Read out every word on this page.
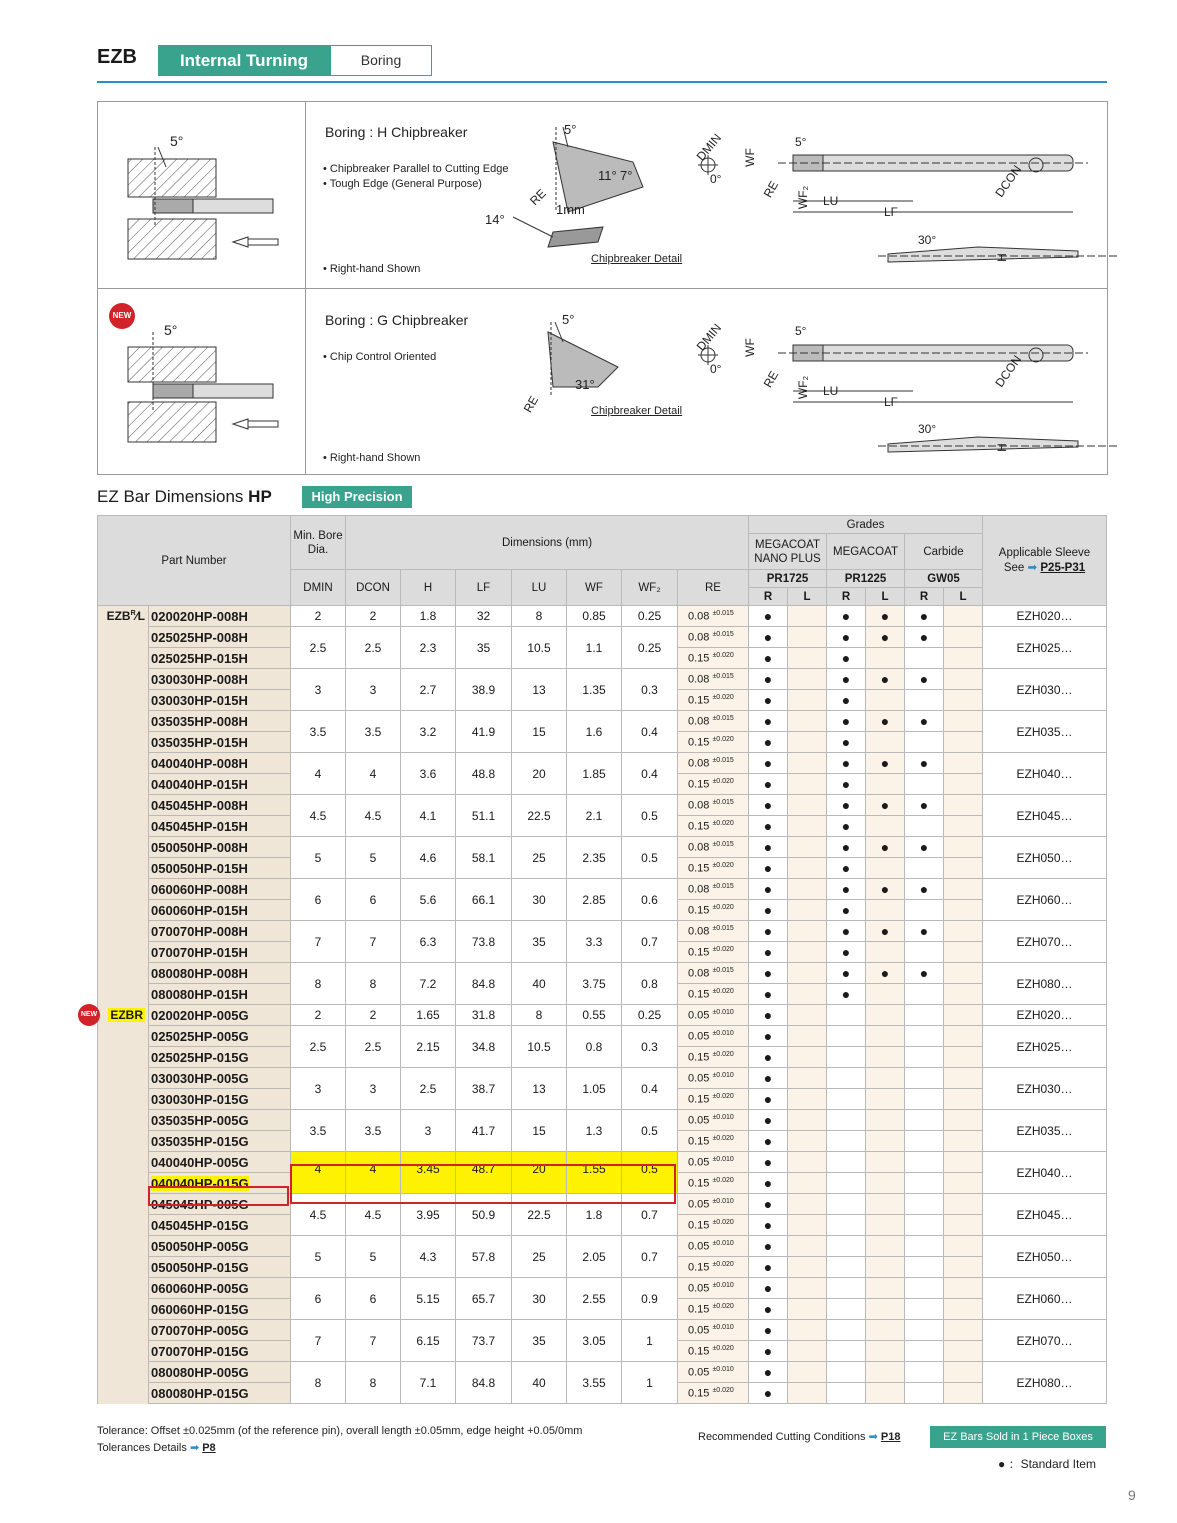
EZB	Internal Turning	Boring
5°
Boring : H Chipbreaker
• Chipbreaker Parallel to Cutting Edge
• Tough Edge (General Purpose)
• Right-hand Shown
5°
11° 7°
14°
RE
1mm
Chipbreaker Detail
DMIN
0°
WF
5°
RE WF₂ LU
LF
DCON
30°
H
NEW
5°
Boring : G Chipbreaker
• Chip Control Oriented
• Right-hand Shown
5°
31°
RE	Chipbreaker Detail
DMIN
0°
WF
5°
RE WF₂ LU
LF
DCON
30°
H
EZ Bar Dimensions HP	High Precision
Part Number		Min. Bore Dia.	Dimensions (mm)							Grades						Applicable Sleeve
See ➡ P25-P31
										MEGACOAT NANO PLUS		MEGACOAT		Carbide		
		DMIN	DCON	H	LF	LU	WF	WF₂	RE	PR1725		PR1225		GW05		
										R	L	R	L	R	L	
$EZB^R⁄L$	020020HP-008H	2	2	1.8	32	8	0.85	0.25	0.08 $^{\pm 0.015}$	●		●	●	●		EZH020…
	025025HP-008H	2.5	2.5	2.3	35	10.5	1.1	0.25	0.08 $^{\pm 0.015}$	●		●	●	●		EZH025…
	025025HP-015H								0.15 $^{\pm 0.020}$	●		●				
	030030HP-008H	3	3	2.7	38.9	13	1.35	0.3	0.08 $^{\pm 0.015}$	●		●	●	●		EZH030…
	030030HP-015H								0.15 $^{\pm 0.020}$	●		●				
	035035HP-008H	3.5	3.5	3.2	41.9	15	1.6	0.4	0.08 $^{\pm 0.015}$	●		●	●	●		EZH035…
	035035HP-015H								0.15 $^{\pm 0.020}$	●		●				
	040040HP-008H	4	4	3.6	48.8	20	1.85	0.4	0.08 $^{\pm 0.015}$	●		●	●	●		EZH040…
	040040HP-015H								0.15 $^{\pm 0.020}$	●		●				
	045045HP-008H	4.5	4.5	4.1	51.1	22.5	2.1	0.5	0.08 $^{\pm 0.015}$	●		●	●	●		EZH045…
	045045HP-015H								0.15 $^{\pm 0.020}$	●		●				
	050050HP-008H	5	5	4.6	58.1	25	2.35	0.5	0.08 $^{\pm 0.015}$	●		●	●	●		EZH050…
	050050HP-015H								0.15 $^{\pm 0.020}$	●		●				
	060060HP-008H	6	6	5.6	66.1	30	2.85	0.6	0.08 $^{\pm 0.015}$	●		●	●	●		EZH060…
	060060HP-015H								0.15 $^{\pm 0.020}$	●		●				
	070070HP-008H	7	7	6.3	73.8	35	3.3	0.7	0.08 $^{\pm 0.015}$	●		●	●	●		EZH070…
	070070HP-015H								0.15 $^{\pm 0.020}$	●		●				
	080080HP-008H	8	8	7.2	84.8	40	3.75	0.8	0.08 $^{\pm 0.015}$	●		●	●	●		EZH080…
	080080HP-015H								0.15 $^{\pm 0.020}$	●		●				

NEW EZBR	020020HP-005G	2	2	1.65	31.8	8	0.55	0.25	0.05 $^{\pm 0.010}$	●						EZH020…
	025025HP-005G	2.5	2.5	2.15	34.8	10.5	0.8	0.3	0.05 $^{\pm 0.010}$	●						EZH025…
	025025HP-015G								0.15 $^{\pm 0.020}$	●						
	030030HP-005G	3	3	2.5	38.7	13	1.05	0.4	0.05 $^{\pm 0.010}$	●						EZH030…
	030030HP-015G								0.15 $^{\pm 0.020}$	●						
	035035HP-005G	3.5	3.5	3	41.7	15	1.3	0.5	0.05 $^{\pm 0.010}$	●						EZH035…
	035035HP-015G								0.15 $^{\pm 0.020}$	●						
	040040HP-005G	4	4	3.45	48.7	20	1.55	0.5	0.05 $^{\pm 0.010}$	●						EZH040…
	040040HP-015G								0.15 $^{\pm 0.020}$	●						
	045045HP-005G	4.5	4.5	3.95	50.9	22.5	1.8	0.7	0.05 $^{\pm 0.010}$	●						EZH045…
	045045HP-015G								0.15 $^{\pm 0.020}$	●						
	050050HP-005G	5	5	4.3	57.8	25	2.05	0.7	0.05 $^{\pm 0.010}$	●						EZH050…
	050050HP-015G								0.15 $^{\pm 0.020}$	●						
	060060HP-005G	6	6	5.15	65.7	30	2.55	0.9	0.05 $^{\pm 0.010}$	●						EZH060…
	060060HP-015G								0.15 $^{\pm 0.020}$	●						
	070070HP-005G	7	7	6.15	73.7	35	3.05	1	0.05 $^{\pm 0.010}$	●						EZH070…
	070070HP-015G								0.15 $^{\pm 0.020}$	●						
	080080HP-005G	8	8	7.1	84.8	40	3.55	1	0.05 $^{\pm 0.010}$	●						EZH080…
	080080HP-015G								0.15 $^{\pm 0.020}$	●						
Tolerance: Offset ±0.025mm (of the reference pin), overall length ±0.05mm, edge height +0.05/0mm
Tolerances Details ➡ P8
Recommended Cutting Conditions ➡ P18	EZ Bars Sold in 1 Piece Boxes
● ：Standard Item
9
